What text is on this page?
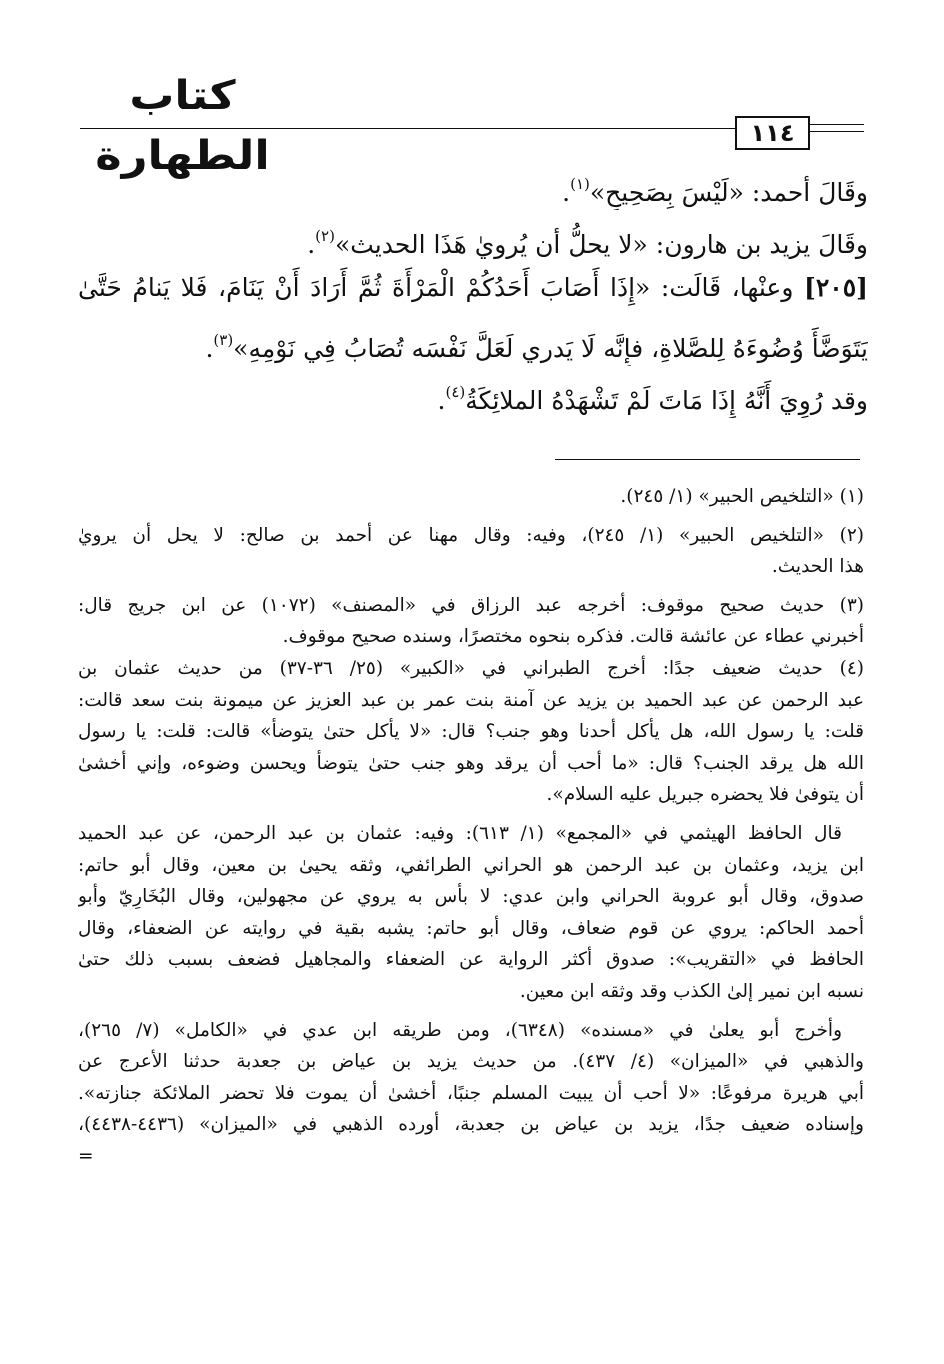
كتاب الطهارة	١١٤
وقَالَ أحمد: «لَيْسَ بِصَحِيحٍ»$^{(١)}$.
وقَالَ يزيد بن هارون: «لا يحلُّ أن يُرويٰ هَذَا الحديث»$^{(٢)}$.
[٢٠٥] وعنْها، قَالَت: «إِذَا أَصَابَ أَحَدُكُمْ الْمَرْأَةَ ثُمَّ أَرَادَ أَنْ يَنَامَ، فَلا يَنامُ حَتَّىٰ
يَتَوَضَّأَ وُضُوءَهُ لِلصَّلاةِ، فإِنَّه لَا يَدري لَعَلَّ نَفْسَه تُصَابُ فِي نَوْمِهِ»$^{(٣)}$.
وقد رُوِيَ أَنَّهُ إِذَا مَاتَ لَمْ تَشْهَدْهُ الملائِكَةُ$^{(٤)}$.
(١) «التلخيص الحبير» (١/ ٢٤٥).
(٢) «التلخيص الحبير» (١/ ٢٤٥)، وفيه: وقال مهنا عن أحمد بن صالح: لا يحل أن يرويٰ
هذا الحديث.
(٣) حديث صحيح موقوف: أخرجه عبد الرزاق في «المصنف» (١٠٧٢) عن ابن جريج قال:
أخبرني عطاء عن عائشة قالت. فذكره بنحوه مختصرًا، وسنده صحيح موقوف.
(٤) حديث ضعيف جدًا: أخرج الطبراني في «الكبير» (٢٥/ ٣٦-٣٧) من حديث عثمان بن
عبد الرحمن عن عبد الحميد بن يزيد عن آمنة بنت عمر بن عبد العزيز عن ميمونة بنت سعد قالت:
قلت: يا رسول الله، هل يأكل أحدنا وهو جنب؟ قال: «لا يأكل حتىٰ يتوضأ» قالت: قلت: يا رسول
الله هل يرقد الجنب؟ قال: «ما أحب أن يرقد وهو جنب حتىٰ يتوضأ ويحسن وضوءه، وإني أخشىٰ
أن يتوفىٰ فلا يحضره جبريل عليه السلام».
قال الحافظ الهيثمي في «المجمع» (١/ ٦١٣): وفيه: عثمان بن عبد الرحمن، عن عبد الحميد
ابن يزيد، وعثمان بن عبد الرحمن هو الحراني الطرائفي، وثقه يحيىٰ بن معين، وقال أبو حاتم:
صدوق، وقال أبو عروبة الحراني وابن عدي: لا بأس به يروي عن مجهولين، وقال البُخَارِيّ وأبو
أحمد الحاكم: يروي عن قوم ضعاف، وقال أبو حاتم: يشبه بقية في روايته عن الضعفاء، وقال
الحافظ في «التقريب»: صدوق أكثر الرواية عن الضعفاء والمجاهيل فضعف بسبب ذلك حتىٰ
نسبه ابن نمير إلىٰ الكذب وقد وثقه ابن معين.
وأخرج أبو يعلىٰ في «مسنده» (٦٣٤٨)، ومن طريقه ابن عدي في «الكامل» (٧/ ٢٦٥)،
والذهبي في «الميزان» (٤/ ٤٣٧). من حديث يزيد بن عياض بن جعدبة حدثنا الأعرج عن
أبي هريرة مرفوعًا: «لا أحب أن يبيت المسلم جنبًا، أخشىٰ أن يموت فلا تحضر الملائكة جنازته».
وإسناده ضعيف جدًا، يزيد بن عياض بن جعدبة، أورده الذهبي في «الميزان» (٤٤٣٦-٤٤٣٨)،
=
